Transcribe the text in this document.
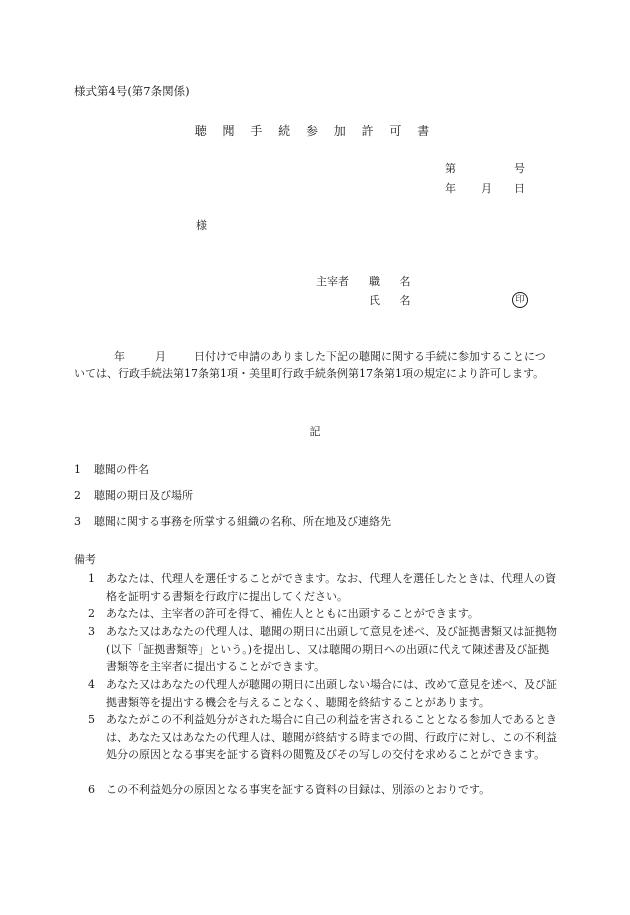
様式第4号(第7条関係)
聴 聞 手 続 参 加 許 可 書
第	号
年 月 日
様
主宰者 職 名
氏 名	印
年	月	日付けで申請のありました下記の聴聞に関する手続に参加することについては、行政手続法第17条第1項・美里町行政手続条例第17条第1項の規定により許可します。
記
1 聴聞の件名
2 聴聞の期日及び場所
3 聴聞に関する事務を所掌する組織の名称、所在地及び連絡先
備考
1	あなたは、代理人を選任することができます。なお、代理人を選任したときは、代理人の資格を証明する書類を行政庁に提出してください。
2	あなたは、主宰者の許可を得て、補佐人とともに出頭することができます。
3	あなた又はあなたの代理人は、聴聞の期日に出頭して意見を述べ、及び証拠書類又は証拠物(以下「証拠書類等」という。)を提出し、又は聴聞の期日への出頭に代えて陳述書及び証拠書類等を主宰者に提出することができます。
4	あなた又はあなたの代理人が聴聞の期日に出頭しない場合には、改めて意見を述べ、及び証拠書類等を提出する機会を与えることなく、聴聞を終結することがあります。
5	あなたがこの不利益処分がされた場合に自己の利益を害されることとなる参加人であるときは、あなた又はあなたの代理人は、聴聞が終結する時までの間、行政庁に対し、この不利益処分の原因となる事実を証する資料の閲覧及びその写しの交付を求めることができます。
6	この不利益処分の原因となる事実を証する資料の目録は、別添のとおりです。
